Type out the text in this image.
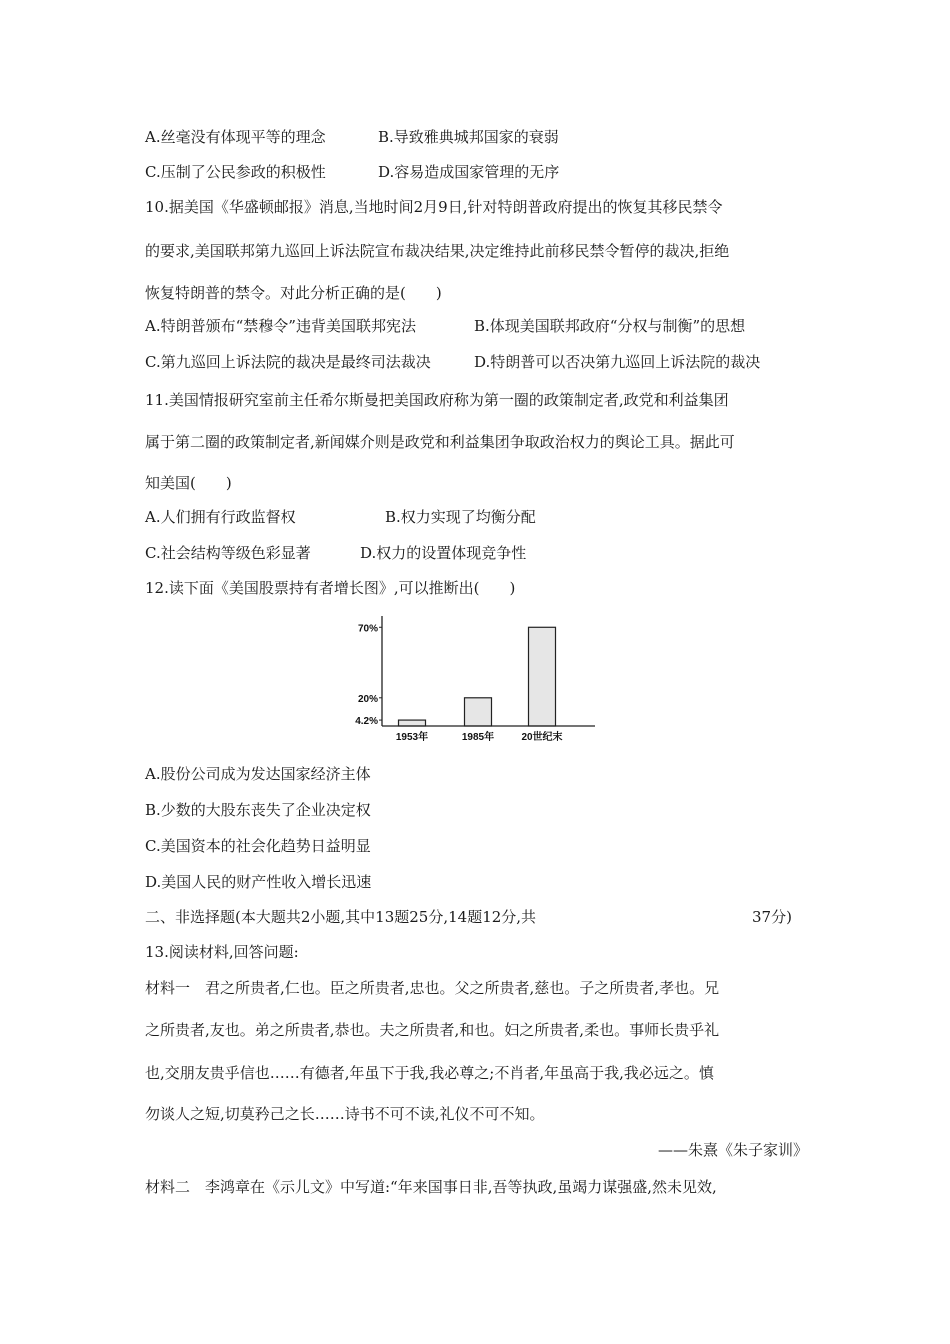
A.丝毫没有体现平等的理念	B.导致雅典城邦国家的衰弱
C.压制了公民参政的积极性	D.容易造成国家管理的无序
10.据美国《华盛顿邮报》消息,当地时间2月9日,针对特朗普政府提出的恢复其移民禁令
的要求,美国联邦第九巡回上诉法院宣布裁决结果,决定维持此前移民禁令暂停的裁决,拒绝
恢复特朗普的禁令。对此分析正确的是(　　)
A.特朗普颁布“禁穆令”违背美国联邦宪法	B.体现美国联邦政府“分权与制衡”的思想
C.第九巡回上诉法院的裁决是最终司法裁决	D.特朗普可以否决第九巡回上诉法院的裁决
11.美国情报研究室前主任希尔斯曼把美国政府称为第一圈的政策制定者,政党和利益集团
属于第二圈的政策制定者,新闻媒介则是政党和利益集团争取政治权力的舆论工具。据此可
知美国(　　)
A.人们拥有行政监督权	B.权力实现了均衡分配
C.社会结构等级色彩显著	D.权力的设置体现竞争性
12.读下面《美国股票持有者增长图》,可以推断出(　　)
4.2%
20%
70%
1953年	1985年	20世纪末
A.股份公司成为发达国家经济主体
B.少数的大股东丧失了企业决定权
C.美国资本的社会化趋势日益明显
D.美国人民的财产性收入增长迅速
二、非选择题(本大题共2小题,其中13题25分,14题12分,共	37分)
13.阅读材料,回答问题:
材料一　君之所贵者,仁也。臣之所贵者,忠也。父之所贵者,慈也。子之所贵者,孝也。兄
之所贵者,友也。弟之所贵者,恭也。夫之所贵者,和也。妇之所贵者,柔也。事师长贵乎礼
也,交朋友贵乎信也……有德者,年虽下于我,我必尊之;不肖者,年虽高于我,我必远之。慎
勿谈人之短,切莫矜己之长……诗书不可不读,礼仪不可不知。
——朱熹《朱子家训》
材料二　李鸿章在《示儿文》中写道:“年来国事日非,吾等执政,虽竭力谋强盛,然未见效,
